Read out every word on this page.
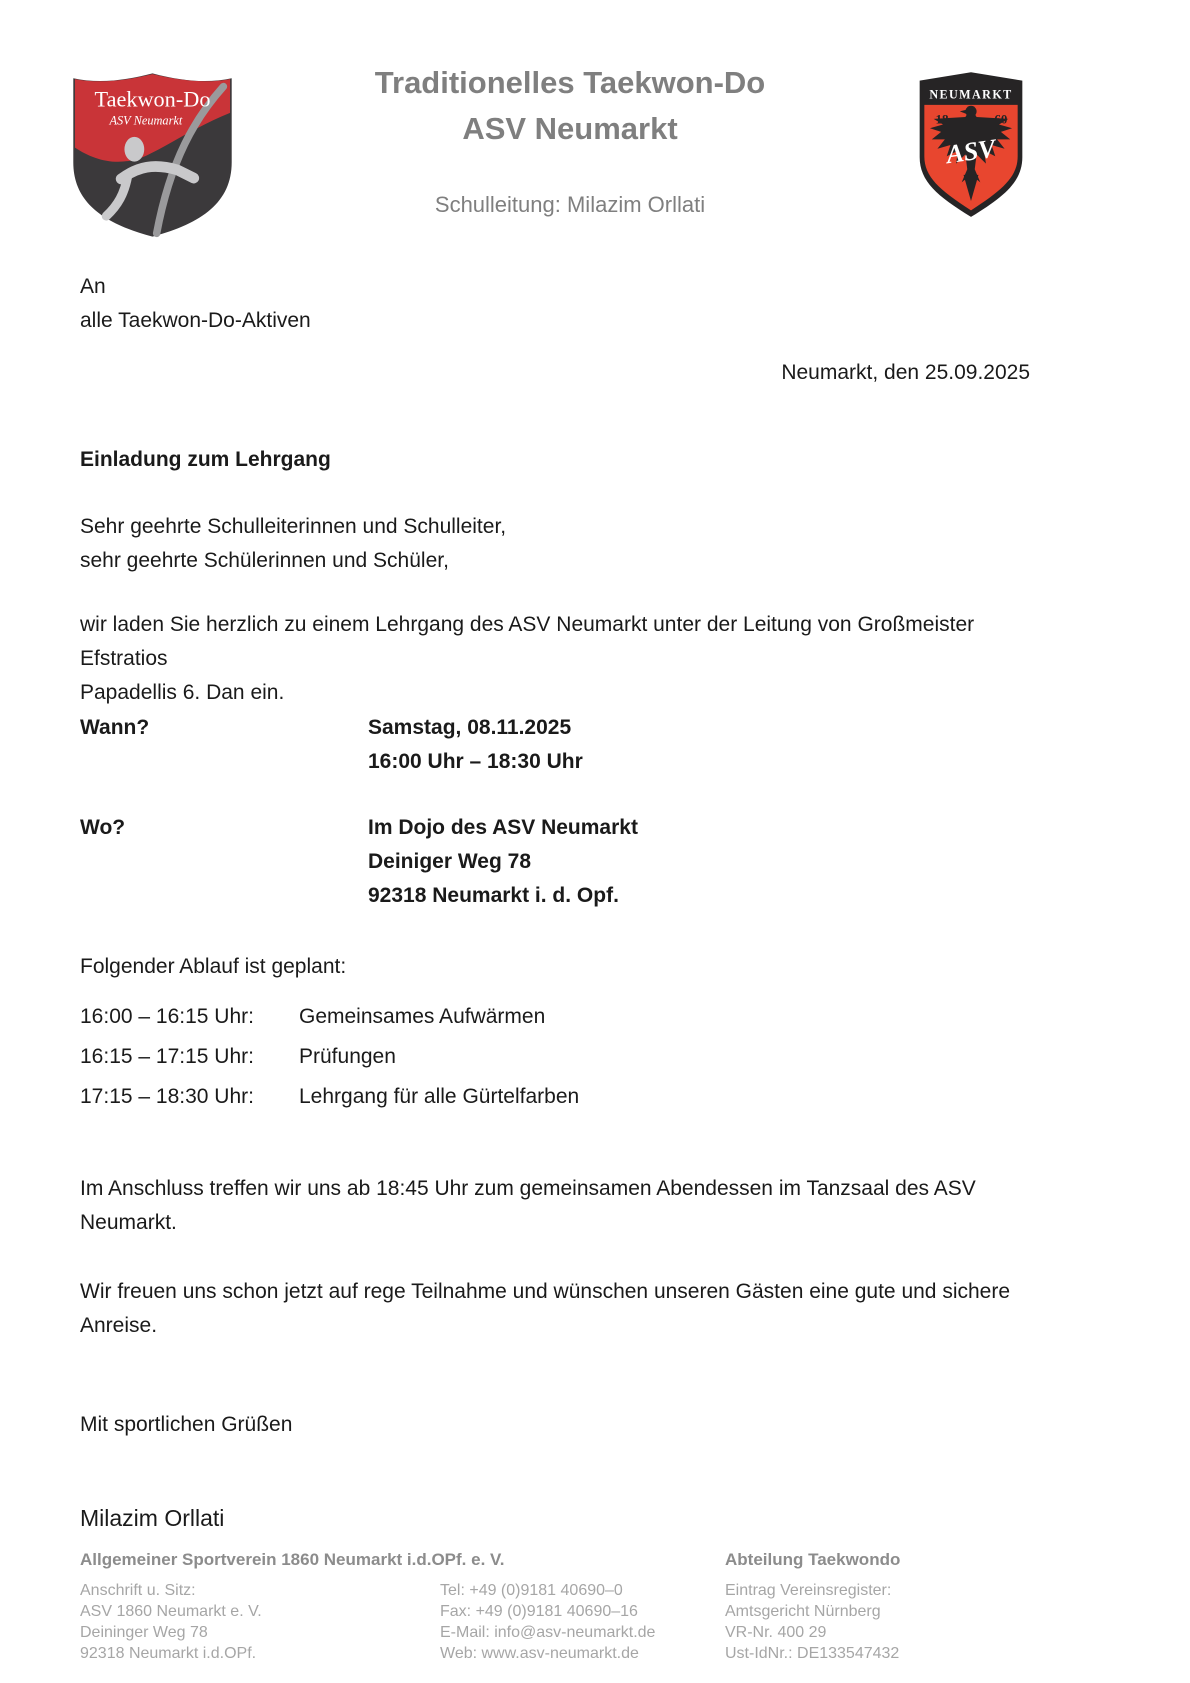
Taekwon-Do
ASV Neumarkt
NEUMARKT
ASV
Traditionelles Taekwon-Do
ASV Neumarkt
Schulleitung: Milazim Orllati
An
alle Taekwon-Do-Aktiven
Neumarkt, den 25.09.2025
Einladung zum Lehrgang
Sehr geehrte Schulleiterinnen und Schulleiter,
sehr geehrte Schülerinnen und Schüler,
wir laden Sie herzlich zu einem Lehrgang des ASV Neumarkt unter der Leitung von Großmeister Efstratios
Papadellis 6. Dan ein.
Wann?	Samstag, 08.11.2025
16:00 Uhr – 18:30 Uhr
Wo?	Im Dojo des ASV Neumarkt
Deiniger Weg 78
92318 Neumarkt i. d. Opf.
Folgender Ablauf ist geplant:
16:00 – 16:15 Uhr:	Gemeinsames Aufwärmen
16:15 – 17:15 Uhr:	Prüfungen
17:15 – 18:30 Uhr:	Lehrgang für alle Gürtelfarben
Im Anschluss treffen wir uns ab 18:45 Uhr zum gemeinsamen Abendessen im Tanzsaal des ASV
Neumarkt.
Wir freuen uns schon jetzt auf rege Teilnahme und wünschen unseren Gästen eine gute und sichere
Anreise.
Mit sportlichen Grüßen
Milazim Orllati
Allgemeiner Sportverein 1860 Neumarkt i.d.OPf. e. V.	Abteilung Taekwondo
Anschrift u. Sitz:
ASV 1860 Neumarkt e. V.
Deininger Weg 78
92318 Neumarkt i.d.OPf.
Tel: +49 (0)9181 40690–0
Fax: +49 (0)9181 40690–16
E-Mail: info@asv-neumarkt.de
Web: www.asv-neumarkt.de
Eintrag Vereinsregister:
Amtsgericht Nürnberg
VR-Nr. 400 29
Ust-IdNr.: DE133547432
